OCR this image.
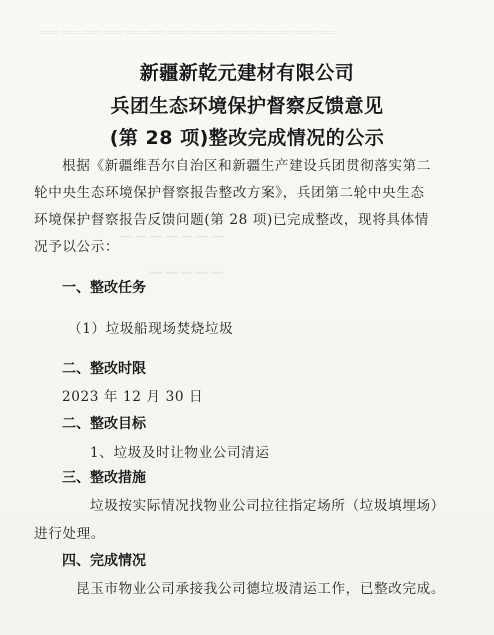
═══ ═══ ═══ ═══ ═══ ═══ ═══ ═══ ═══ ═══ ═══ ═══ ═══ ═══
━━ ━━ ━━ ━━ ━━ ━━ ━━
━━ ━━ ━━ ━━ ━━
新疆新乾元建材有限公司
兵团生态环境保护督察反馈意见
(第 28 项)整改完成情况的公示
根据《新疆维吾尔自治区和新疆生产建设兵团贯彻落实第二
轮中央生态环境保护督察报告整改方案》，兵团第二轮中央生态
环境保护督察报告反馈问题(第 28 项)已完成整改，现将具体情
况予以公示：
一、整改任务
（1）垃圾船现场焚烧垃圾
二、整改时限
2023 年 12 月 30 日
二、整改目标
1、垃圾及时让物业公司清运
三、整改措施
垃圾按实际情况找物业公司拉往指定场所（垃圾填埋场）
进行处理。
四、完成情况
昆玉市物业公司承接我公司德垃圾清运工作，已整改完成。
